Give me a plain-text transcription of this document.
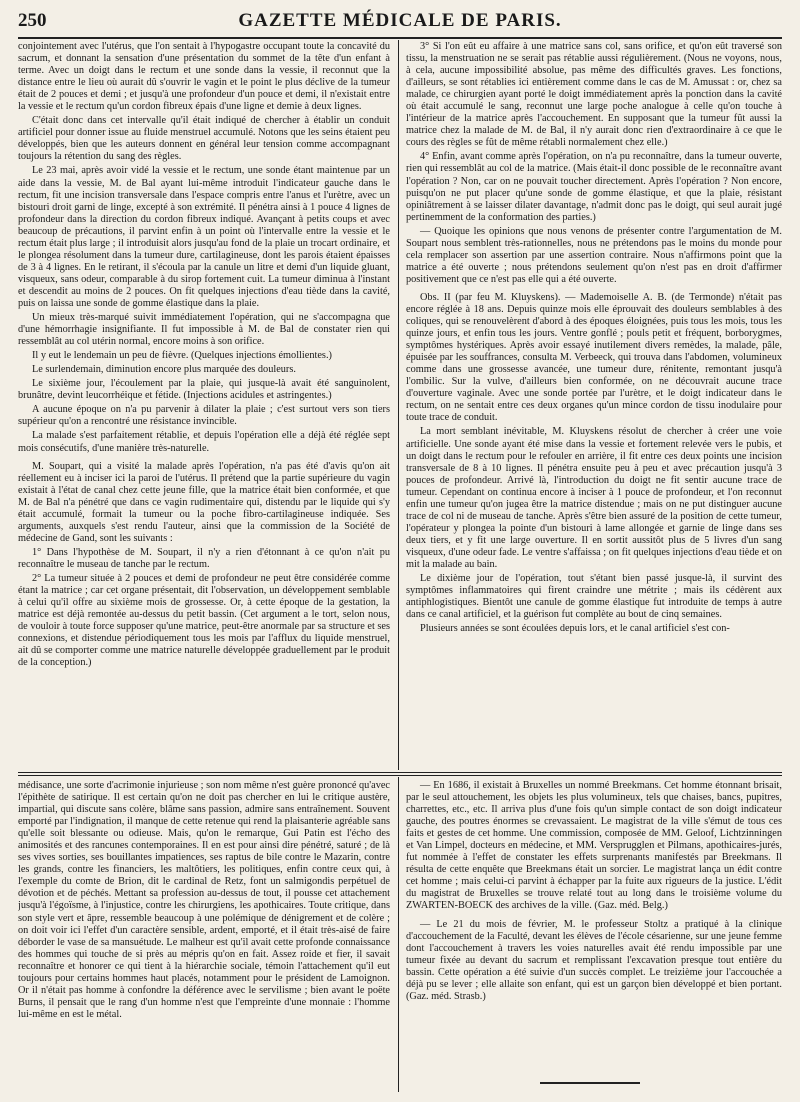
250	GAZETTE MÉDICALE DE PARIS.

conjointement avec l'utérus, que l'on sentait à l'hypogastre occupant toute la concavité du sacrum, et donnant la sensation d'une présentation du sommet de la tête d'un enfant à terme. Avec un doigt dans le rectum et une sonde dans la vessie, il reconnut que la distance entre le lieu où aurait dû s'ouvrir le vagin et le point le plus déclive de la tumeur était de 2 pouces et demi ; et jusqu'à une profondeur d'un pouce et demi, il n'existait entre la vessie et le rectum qu'un cordon fibreux épais d'une ligne et demie à deux lignes.

C'était donc dans cet intervalle qu'il était indiqué de chercher à établir un conduit artificiel pour donner issue au fluide menstruel accumulé. Notons que les seins étaient peu développés, bien que les auteurs donnent en général leur tension comme accompagnant toujours la rétention du sang des règles.

Le 23 mai, après avoir vidé la vessie et le rectum, une sonde étant maintenue par un aide dans la vessie, M. de Bal ayant lui-même introduit l'indicateur gauche dans le rectum, fit une incision transversale dans l'espace compris entre l'anus et l'urètre, avec un bistouri droit garni de linge, excepté à son extrémité. Il pénétra ainsi à 1 pouce 4 lignes de profondeur dans la direction du cordon fibreux indiqué. Avançant à petits coups et avec beaucoup de précautions, il parvint enfin à un point où l'intervalle entre la vessie et le rectum était plus large ; il introduisit alors jusqu'au fond de la plaie un trocart ordinaire, et le plongea résolument dans la tumeur dure, cartilagineuse, dont les parois étaient épaisses de 3 à 4 lignes. En le retirant, il s'écoula par la canule un litre et demi d'un liquide gluant, visqueux, sans odeur, comparable à du sirop fortement cuit. La tumeur diminua à l'instant et descendit au moins de 2 pouces. On fit quelques injections d'eau tiède dans la cavité, puis on laissa une sonde de gomme élastique dans la plaie.

Un mieux très-marqué suivit immédiatement l'opération, qui ne s'accompagna que d'une hémorrhagie insignifiante. Il fut impossible à M. de Bal de constater rien qui ressemblât au col utérin normal, encore moins à son orifice.

Il y eut le lendemain un peu de fièvre. (Quelques injections émollientes.)

Le surlendemain, diminution encore plus marquée des douleurs.

Le sixième jour, l'écoulement par la plaie, qui jusque-là avait été sanguinolent, brunâtre, devint leucorrhéique et fétide. (Injections acidules et astringentes.)

A aucune époque on n'a pu parvenir à dilater la plaie ; c'est surtout vers son tiers supérieur qu'on a rencontré une résistance invincible.

La malade s'est parfaitement rétablie, et depuis l'opération elle a déjà été réglée sept mois consécutifs, d'une manière très-naturelle.

M. Soupart, qui a visité la malade après l'opération, n'a pas été d'avis qu'on ait réellement eu à inciser ici la paroi de l'utérus. Il prétend que la partie supérieure du vagin existait à l'état de canal chez cette jeune fille, que la matrice était bien conformée, et que M. de Bal n'a pénétré que dans ce vagin rudimentaire qui, distendu par le liquide qui s'y était accumulé, formait la tumeur ou la poche fibro-cartilagineuse indiquée. Ses arguments, auxquels s'est rendu l'auteur, ainsi que la commission de la Société de médecine de Gand, sont les suivants :

1° Dans l'hypothèse de M. Soupart, il n'y a rien d'étonnant à ce qu'on n'ait pu reconnaître le museau de tanche par le rectum.

2° La tumeur située à 2 pouces et demi de profondeur ne peut être considérée comme étant la matrice ; car cet organe présentait, dit l'observation, un développement semblable à celui qu'il offre au sixième mois de grossesse. Or, à cette époque de la gestation, la matrice est déjà remontée au-dessus du petit bassin. (Cet argument a le tort, selon nous, de vouloir à toute force supposer qu'une matrice, peut-être anormale par sa structure et ses connexions, et distendue périodiquement tous les mois par l'afflux du liquide menstruel, ait dû se comporter comme une matrice naturelle développée graduellement par le produit de la conception.)

3° Si l'on eût eu affaire à une matrice sans col, sans orifice, et qu'on eût traversé son tissu, la menstruation ne se serait pas rétablie aussi régulièrement. (Nous ne voyons, nous, à cela, aucune impossibilité absolue, pas même des difficultés graves. Les fonctions, d'ailleurs, se sont rétablies ici entièrement comme dans le cas de M. Amussat : or, chez sa malade, ce chirurgien ayant porté le doigt immédiatement après la ponction dans la cavité où était accumulé le sang, reconnut une large poche analogue à celle qu'on touche à l'intérieur de la matrice après l'accouchement. En supposant que la tumeur fût aussi la matrice chez la malade de M. de Bal, il n'y aurait donc rien d'extraordinaire à ce que le cours des règles se fût de même rétabli normalement chez elle.)

4° Enfin, avant comme après l'opération, on n'a pu reconnaître, dans la tumeur ouverte, rien qui ressemblât au col de la matrice. (Mais était-il donc possible de le reconnaître avant l'opération ? Non, car on ne pouvait toucher directement. Après l'opération ? Non encore, puisqu'on ne put placer qu'une sonde de gomme élastique, et que la plaie, résistant opiniâtrement à se laisser dilater davantage, n'admit donc pas le doigt, qui seul aurait jugé pertinemment de la conformation des parties.)

— Quoique les opinions que nous venons de présenter contre l'argumentation de M. Soupart nous semblent très-rationnelles, nous ne prétendons pas le moins du monde pour cela remplacer son assertion par une assertion contraire. Nous n'affirmons point que la matrice a été ouverte ; nous prétendons seulement qu'on n'est pas en droit d'affirmer positivement que ce n'est pas elle qui a été ouverte.

Obs. II (par feu M. Kluyskens). — Mademoiselle A. B. (de Termonde) n'était pas encore réglée à 18 ans. Depuis quinze mois elle éprouvait des douleurs semblables à des coliques, qui se renouvelèrent d'abord à des époques éloignées, puis tous les mois, tous les quinze jours, et enfin tous les jours. Ventre gonflé ; pouls petit et fréquent, borborygmes, symptômes hystériques. Après avoir essayé inutilement divers remèdes, la malade, pâle, épuisée par les souffrances, consulta M. Verbeeck, qui trouva dans l'abdomen, volumineux comme dans une grossesse avancée, une tumeur dure, rénitente, remontant jusqu'à l'ombilic. Sur la vulve, d'ailleurs bien conformée, on ne découvrait aucune trace d'ouverture vaginale. Avec une sonde portée par l'urètre, et le doigt indicateur dans le rectum, on ne sentait entre ces deux organes qu'un mince cordon de tissu inodulaire pour toute trace de conduit.

La mort semblant inévitable, M. Kluyskens résolut de chercher à créer une voie artificielle. Une sonde ayant été mise dans la vessie et fortement relevée vers le pubis, et un doigt dans le rectum pour le refouler en arrière, il fit entre ces deux points une incision transversale de 8 à 10 lignes. Il pénétra ensuite peu à peu et avec précaution jusqu'à 3 pouces de profondeur. Arrivé là, l'introduction du doigt ne fit sentir aucune trace de tumeur. Cependant on continua encore à inciser à 1 pouce de profondeur, et l'on reconnut enfin une tumeur qu'on jugea être la matrice distendue ; mais on ne put distinguer aucune trace de col ni de museau de tanche. Après s'être bien assuré de la position de cette tumeur, l'opérateur y plongea la pointe d'un bistouri à lame allongée et garnie de linge dans ses deux tiers, et y fit une large ouverture. Il en sortit aussitôt plus de 5 livres d'un sang visqueux, d'une odeur fade. Le ventre s'affaissa ; on fit quelques injections d'eau tiède et on mit la malade au bain.

Le dixième jour de l'opération, tout s'étant bien passé jusque-là, il survint des symptômes inflammatoires qui firent craindre une métrite ; mais ils cédèrent aux antiphlogistiques. Bientôt une canule de gomme élastique fut introduite de temps à autre dans ce canal artificiel, et la guérison fut complète au bout de cinq semaines.

Plusieurs années se sont écoulées depuis lors, et le canal artificiel s'est con-

médisance, une sorte d'acrimonie injurieuse ; son nom même n'est guère prononcé qu'avec l'épithète de satirique. Il est certain qu'on ne doit pas chercher en lui le critique austère, impartial, qui discute sans colère, blâme sans passion, admire sans entraînement. Souvent emporté par l'indignation, il manque de cette retenue qui rend la plaisanterie agréable sans qu'elle soit blessante ou odieuse. Mais, qu'on le remarque, Gui Patin est l'écho des animosités et des rancunes contemporaines. Il en est pour ainsi dire pénétré, saturé ; de là ses vives sorties, ses bouillantes impatiences, ses raptus de bile contre le Mazarin, contre les grands, contre les financiers, les maltôtiers, les politiques, enfin contre ceux qui, à l'exemple du comte de Brion, dit le cardinal de Retz, font un salmigondis perpétuel de dévotion et de péchés. Mettant sa profession au-dessus de tout, il pousse cet attachement jusqu'à l'égoïsme, à l'injustice, contre les chirurgiens, les apothicaires. Toute critique, dans son style vert et âpre, ressemble beaucoup à une polémique de dénigrement et de colère ; on doit voir ici l'effet d'un caractère sensible, ardent, emporté, et il était très-aisé de faire déborder le vase de sa mansuétude. Le malheur est qu'il avait cette profonde connaissance des hommes qui touche de si près au mépris qu'on en fait. Assez roide et fier, il savait reconnaître et honorer ce qui tient à la hiérarchie sociale, témoin l'attachement qu'il eut toujours pour certains hommes haut placés, notamment pour le président de Lamoignon. Or il n'était pas homme à confondre la déférence avec le servilisme ; bien avant le poëte Burns, il pensait que le rang d'un homme n'est que l'empreinte d'une monnaie : l'homme lui-même en est le métal.

— En 1686, il existait à Bruxelles un nommé Breekmans. Cet homme étonnant brisait, par le seul attouchement, les objets les plus volumineux, tels que chaises, bancs, pupitres, charrettes, etc., etc. Il arriva plus d'une fois qu'un simple contact de son doigt indicateur gauche, des poutres énormes se crevassaient. Le magistrat de la ville s'émut de tous ces faits et gestes de cet homme. Une commission, composée de MM. Geloof, Lichtzinningen et Van Limpel, docteurs en médecine, et MM. Versprugglen et Pilmans, apothicaires-jurés, fut nommée à l'effet de constater les effets surprenants manifestés par Breekmans. Il résulta de cette enquête que Breekmans était un sorcier. Le magistrat lança un édit contre cet homme ; mais celui-ci parvint à échapper par la fuite aux rigueurs de la justice. L'édit du magistrat de Bruxelles se trouve relaté tout au long dans le troisième volume du ZWARTEN-BOECK des archives de la ville. (Gaz. méd. Belg.)

— Le 21 du mois de février, M. le professeur Stoltz a pratiqué à la clinique d'accouchement de la Faculté, devant les élèves de l'école césarienne, sur une jeune femme dont l'accouchement à travers les voies naturelles avait été rendu impossible par une tumeur fixée au devant du sacrum et remplissant l'excavation presque tout entière du bassin. Cette opération a été suivie d'un succès complet. Le treizième jour l'accouchée a déjà pu se lever ; elle allaite son enfant, qui est un garçon bien développé et bien portant. (Gaz. méd. Strasb.)
